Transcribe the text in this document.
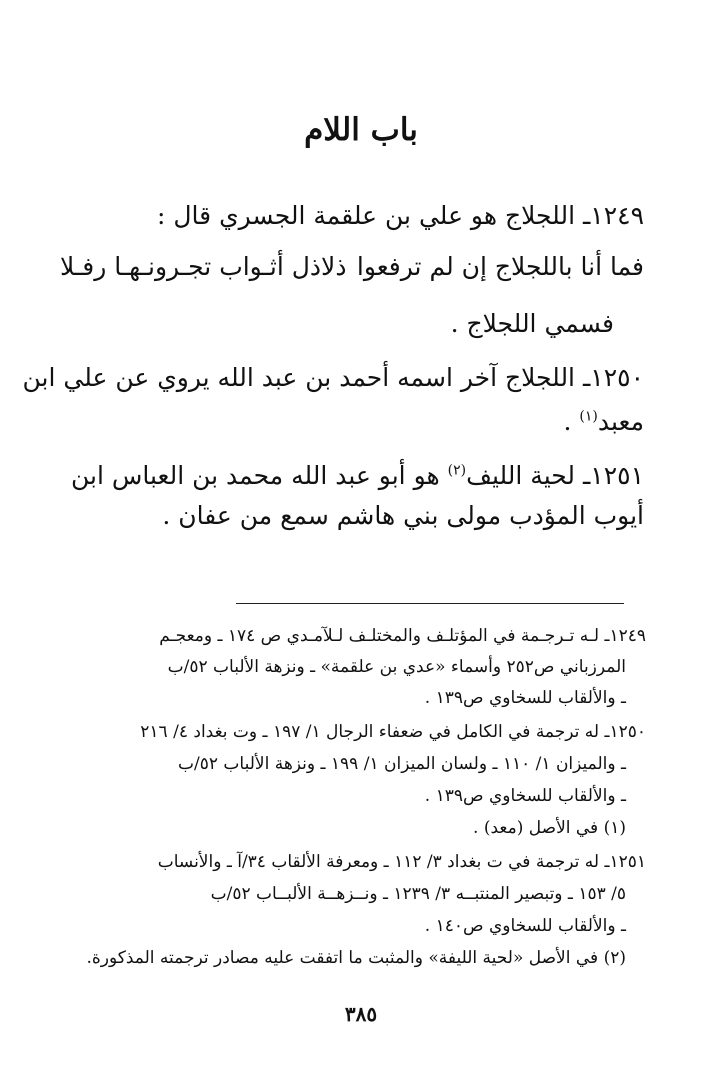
باب اللام
١٢٤٩ـ اللجلاج هو علي بن علقمة الجسري قال :
فما أنا باللجلاج إن لم ترفعوا
ذلاذل أثـواب تجـرونـهـا رفـلا
فسمي اللجلاج .
١٢٥٠ـ اللجلاج آخر اسمه أحمد بن عبد الله يروي عن علي ابن
معبد$^{(١)}$ .
١٢٥١ـ لحية الليف$^{(٢)}$ هو أبو عبد الله محمد بن العباس ابن
أيوب المؤدب مولى بني هاشم سمع من عفان .
١٢٤٩ـ لـه تـرجـمة في المؤتلـف والمختلـف لـلآمـدي ص ١٧٤ ـ ومعجـم
المرزباني ص٢٥٢ وأسماء «عدي بن علقمة» ـ ونزهة الألباب ٥٢/ب
ـ والألقاب للسخاوي ص١٣٩ .
١٢٥٠ـ له ترجمة في الكامل في ضعفاء الرجال ١/ ١٩٧ ـ وت بغداد ٤/ ٢١٦
ـ والميزان ١/ ١١٠ ـ ولسان الميزان ١/ ١٩٩ ـ ونزهة الألباب ٥٢/ب
ـ والألقاب للسخاوي ص١٣٩ .
(١) في الأصل (معد) .
١٢٥١ـ له ترجمة في ت بغداد ٣/ ١١٢ ـ ومعرفة الألقاب ٣٤/آ ـ والأنساب
٥/ ١٥٣ ـ وتبصير المنتبــه ٣/ ١٢٣٩ ـ ونــزهــة الألبــاب ٥٢/ب
ـ والألقاب للسخاوي ص١٤٠ .
(٢) في الأصل «لحية الليفة» والمثبت ما اتفقت عليه مصادر ترجمته المذكورة.
٣٨٥
